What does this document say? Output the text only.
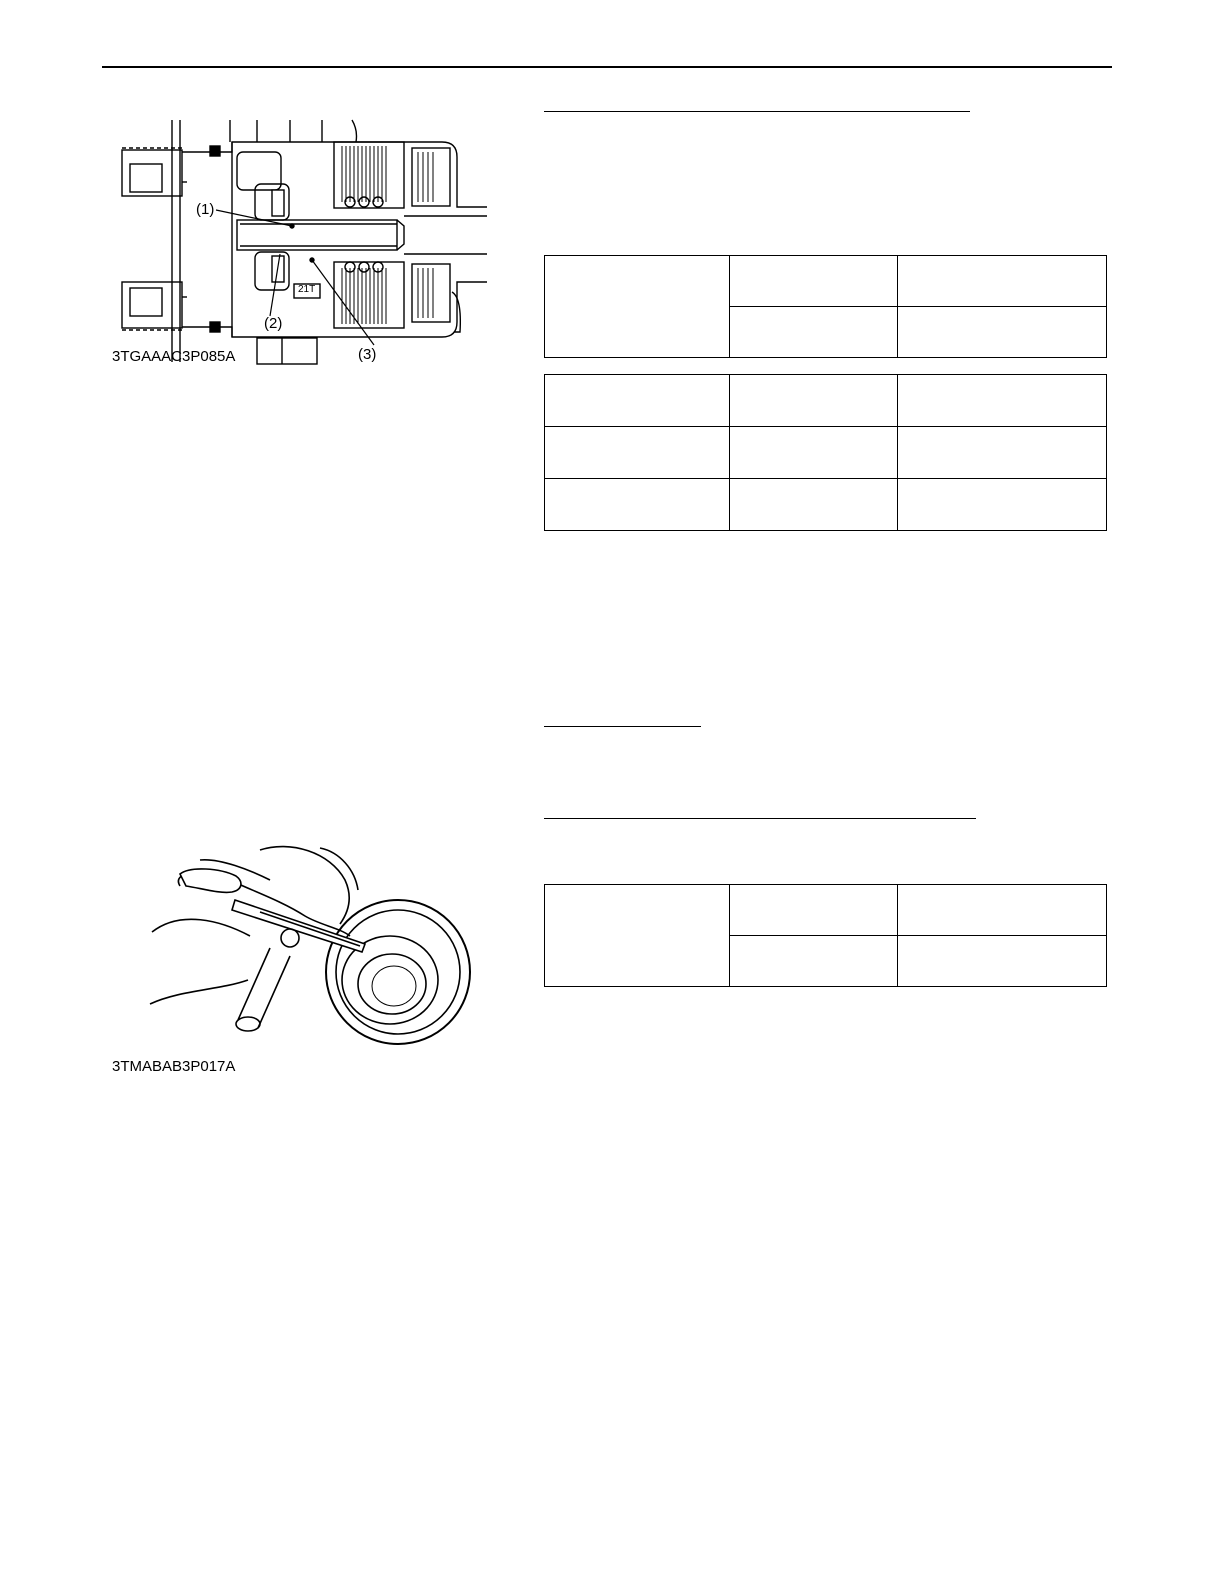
(1)
(2)
(3)
21T
3TGAAAC3P085A
3TMABAB3P017A
